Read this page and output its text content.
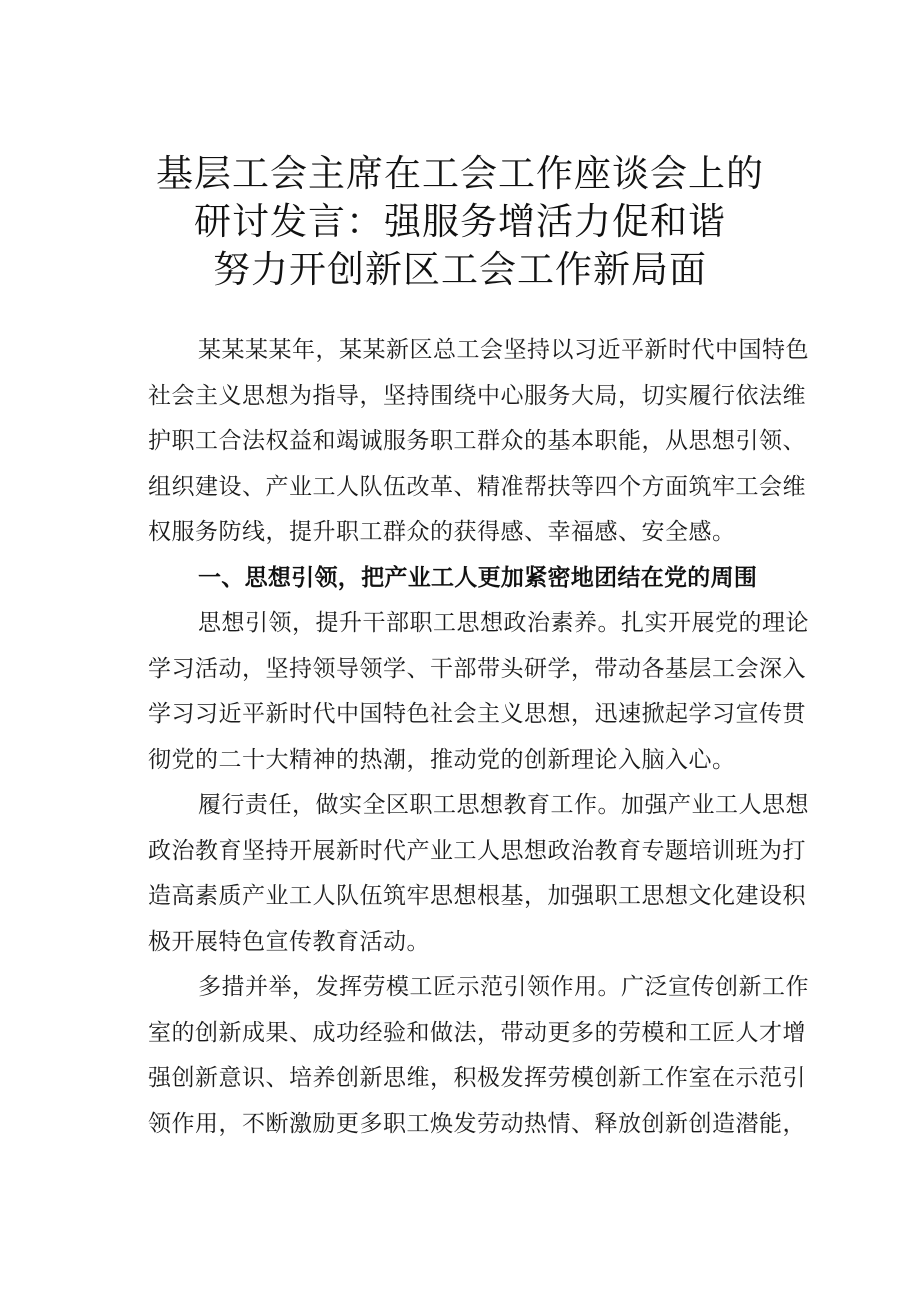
基层工会主席在工会工作座谈会上的
研讨发言：强服务增活力促和谐
努力开创新区工会工作新局面
某某某某年，某某新区总工会坚持以习近平新时代中国特色
社会主义思想为指导，坚持围绕中心服务大局，切实履行依法维
护职工合法权益和竭诚服务职工群众的基本职能，从思想引领、
组织建设、产业工人队伍改革、精准帮扶等四个方面筑牢工会维
权服务防线，提升职工群众的获得感、幸福感、安全感。
一、思想引领，把产业工人更加紧密地团结在党的周围
思想引领，提升干部职工思想政治素养。扎实开展党的理论
学习活动，坚持领导领学、干部带头研学，带动各基层工会深入
学习习近平新时代中国特色社会主义思想，迅速掀起学习宣传贯
彻党的二十大精神的热潮，推动党的创新理论入脑入心。
履行责任，做实全区职工思想教育工作。加强产业工人思想
政治教育坚持开展新时代产业工人思想政治教育专题培训班为打
造高素质产业工人队伍筑牢思想根基，加强职工思想文化建设积
极开展特色宣传教育活动。
多措并举，发挥劳模工匠示范引领作用。广泛宣传创新工作
室的创新成果、成功经验和做法，带动更多的劳模和工匠人才增
强创新意识、培养创新思维，积极发挥劳模创新工作室在示范引
领作用，不断激励更多职工焕发劳动热情、释放创新创造潜能，
